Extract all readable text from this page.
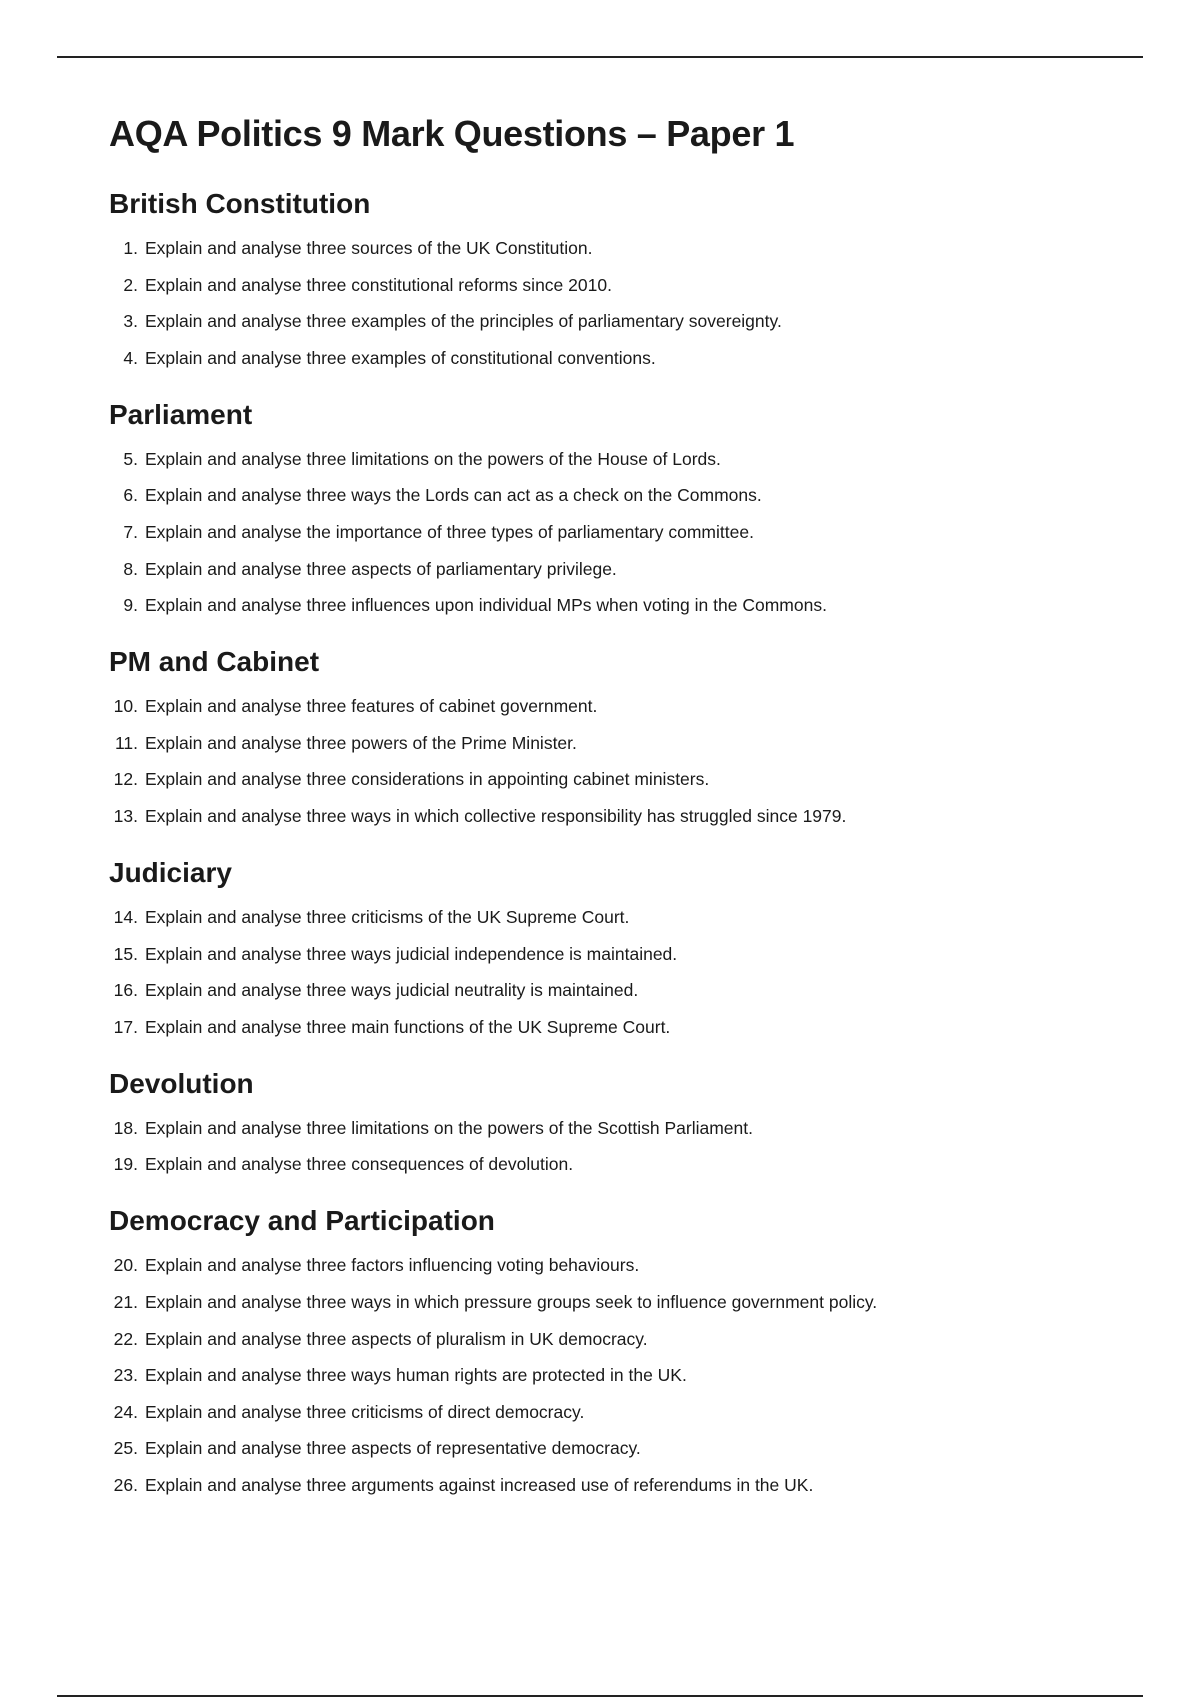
AQA Politics 9 Mark Questions – Paper 1
British Constitution
1. Explain and analyse three sources of the UK Constitution.
2. Explain and analyse three constitutional reforms since 2010.
3. Explain and analyse three examples of the principles of parliamentary sovereignty.
4. Explain and analyse three examples of constitutional conventions.
Parliament
5. Explain and analyse three limitations on the powers of the House of Lords.
6. Explain and analyse three ways the Lords can act as a check on the Commons.
7. Explain and analyse the importance of three types of parliamentary committee.
8. Explain and analyse three aspects of parliamentary privilege.
9. Explain and analyse three influences upon individual MPs when voting in the Commons.
PM and Cabinet
10. Explain and analyse three features of cabinet government.
11. Explain and analyse three powers of the Prime Minister.
12. Explain and analyse three considerations in appointing cabinet ministers.
13. Explain and analyse three ways in which collective responsibility has struggled since 1979.
Judiciary
14. Explain and analyse three criticisms of the UK Supreme Court.
15. Explain and analyse three ways judicial independence is maintained.
16. Explain and analyse three ways judicial neutrality is maintained.
17. Explain and analyse three main functions of the UK Supreme Court.
Devolution
18. Explain and analyse three limitations on the powers of the Scottish Parliament.
19. Explain and analyse three consequences of devolution.
Democracy and Participation
20. Explain and analyse three factors influencing voting behaviours.
21. Explain and analyse three ways in which pressure groups seek to influence government policy.
22. Explain and analyse three aspects of pluralism in UK democracy.
23. Explain and analyse three ways human rights are protected in the UK.
24. Explain and analyse three criticisms of direct democracy.
25. Explain and analyse three aspects of representative democracy.
26. Explain and analyse three arguments against increased use of referendums in the UK.
